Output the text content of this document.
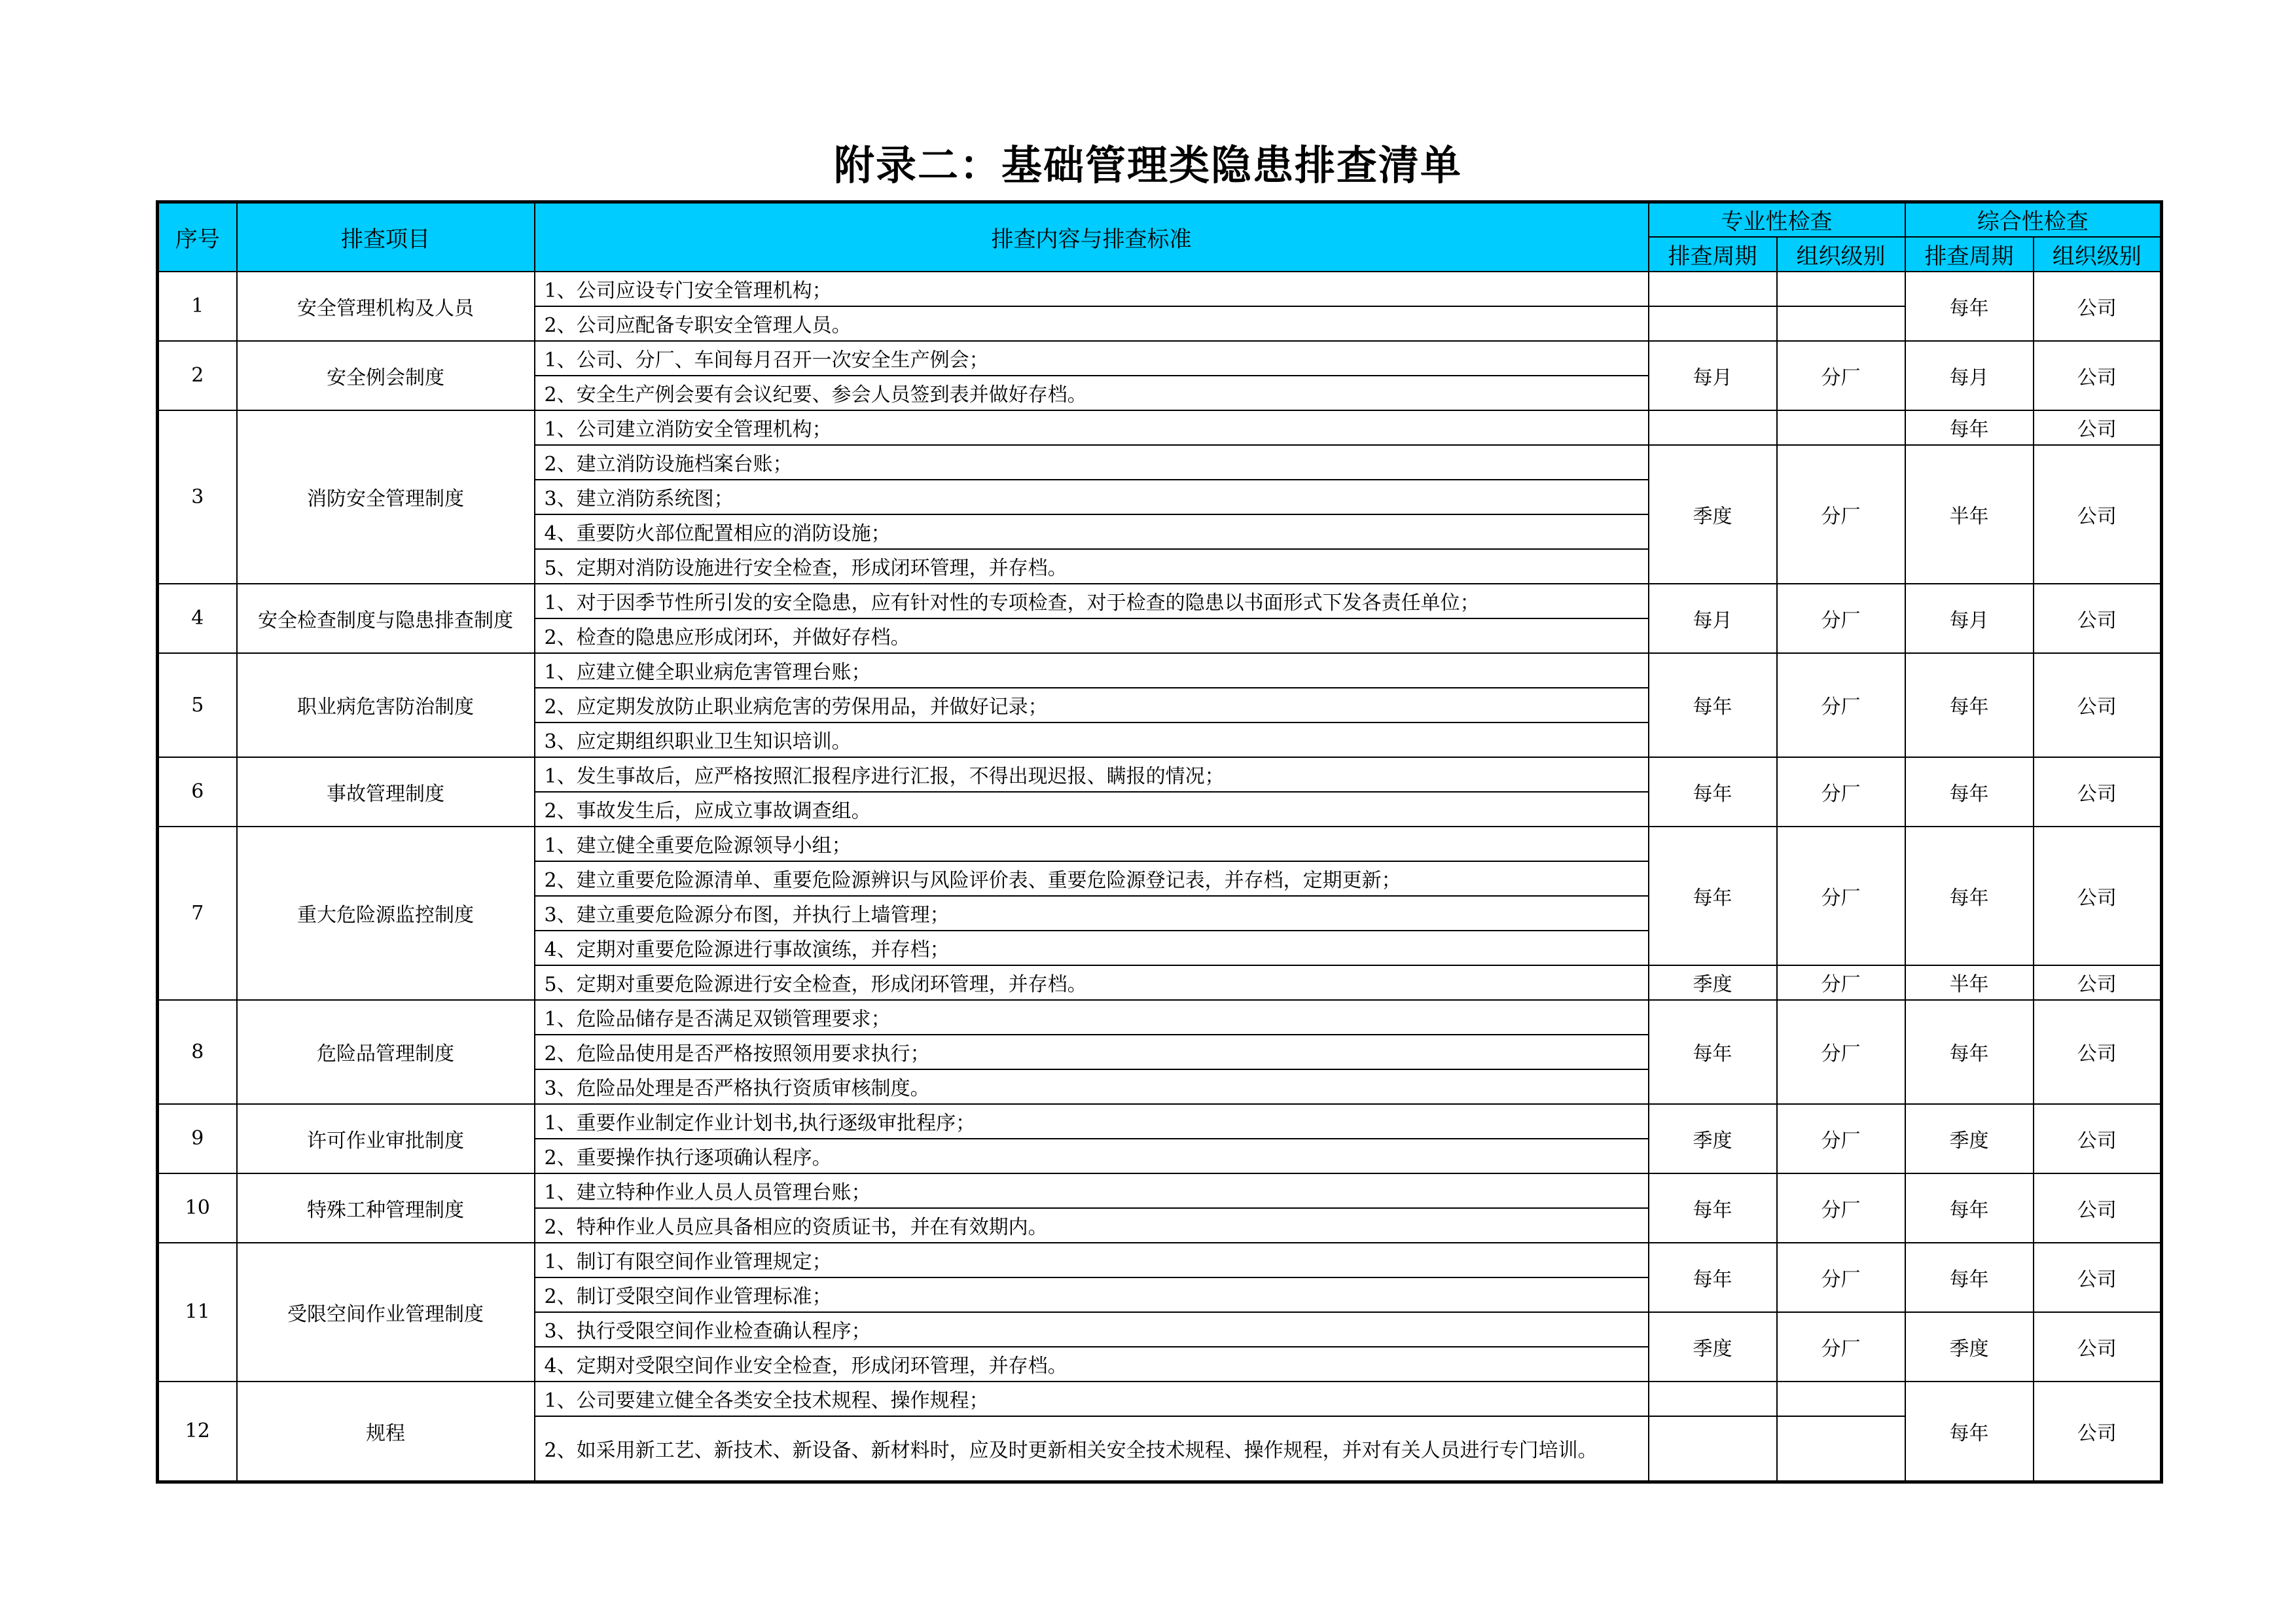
附录二：基础管理类隐患排查清单
序号	排查项目	排查内容与排查标准	专业性检查		综合性检查	
			排查周期	组织级别	排查周期	组织级别
1	安全管理机构及人员	1、公司应设专门安全管理机构；			每年	公司
		2、公司应配备专职安全管理人员。				
2	安全例会制度	1、公司、分厂、车间每月召开一次安全生产例会；	每月	分厂	每月	公司
		2、安全生产例会要有会议纪要、参会人员签到表并做好存档。				
3	消防安全管理制度	1、公司建立消防安全管理机构；			每年	公司
		2、建立消防设施档案台账；	季度	分厂	半年	公司
		3、建立消防系统图；				
		4、重要防火部位配置相应的消防设施；				
		5、定期对消防设施进行安全检查，形成闭环管理，并存档。				
4	安全检查制度与隐患排查制度	1、对于因季节性所引发的安全隐患，应有针对性的专项检查，对于检查的隐患以书面形式下发各责任单位；	每月	分厂	每月	公司
		2、检查的隐患应形成闭环，并做好存档。				
5	职业病危害防治制度	1、应建立健全职业病危害管理台账；	每年	分厂	每年	公司
		2、应定期发放防止职业病危害的劳保用品，并做好记录；				
		3、应定期组织职业卫生知识培训。				
6	事故管理制度	1、发生事故后，应严格按照汇报程序进行汇报，不得出现迟报、瞒报的情况；	每年	分厂	每年	公司
		2、事故发生后，应成立事故调查组。				
7	重大危险源监控制度	1、建立健全重要危险源领导小组；	每年	分厂	每年	公司
		2、建立重要危险源清单、重要危险源辨识与风险评价表、重要危险源登记表，并存档，定期更新；				
		3、建立重要危险源分布图，并执行上墙管理；				
		4、定期对重要危险源进行事故演练，并存档；				
		5、定期对重要危险源进行安全检查，形成闭环管理，并存档。	季度	分厂	半年	公司
8	危险品管理制度	1、危险品储存是否满足双锁管理要求；	每年	分厂	每年	公司
		2、危险品使用是否严格按照领用要求执行；				
		3、危险品处理是否严格执行资质审核制度。				
9	许可作业审批制度	1、重要作业制定作业计划书,执行逐级审批程序；	季度	分厂	季度	公司
		2、重要操作执行逐项确认程序。				
10	特殊工种管理制度	1、建立特种作业人员人员管理台账；	每年	分厂	每年	公司
		2、特种作业人员应具备相应的资质证书，并在有效期内。				
11	受限空间作业管理制度	1、制订有限空间作业管理规定；	每年	分厂	每年	公司
		2、制订受限空间作业管理标准；				
		3、执行受限空间作业检查确认程序；	季度	分厂	季度	公司
		4、定期对受限空间作业安全检查，形成闭环管理，并存档。				
12	规程	1、公司要建立健全各类安全技术规程、操作规程；			每年	公司
		2、如采用新工艺、新技术、新设备、新材料时，应及时更新相关安全技术规程、操作规程，并对有关人员进行专门培训。				
